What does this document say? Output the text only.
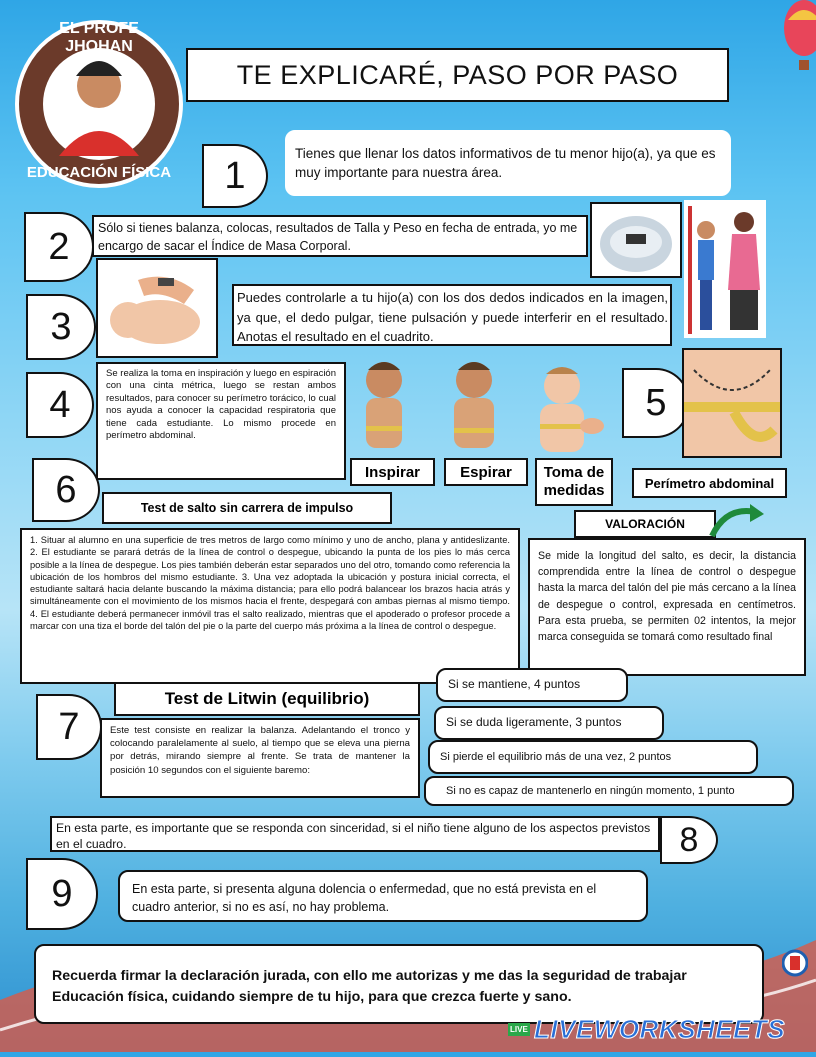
EL PROFE JHOHAN
EDUCACIÓN FÍSICA
TE EXPLICARÉ, PASO POR PASO
1
Tienes que llenar los datos informativos de tu menor hijo(a), ya que es muy importante para nuestra área.
2	Sólo si tienes balanza, colocas, resultados de Talla y Peso en fecha de entrada, yo me encargo de sacar el Índice de Masa Corporal.
3
Puedes controlarle a tu hijo(a) con los dos dedos indicados en la imagen, ya que, el dedo pulgar, tiene pulsación y puede interferir en el resultado. Anotas el resultado en el cuadrito.
4
Se realiza la toma en inspiración y luego en espiración con una cinta métrica, luego se restan ambos resultados, para conocer su perímetro torácico, lo cual nos ayuda a conocer la capacidad respiratoria que tiene cada estudiante. Lo mismo procede en perímetro abdominal.
Inspirar	Espirar	Toma de medidas
5
Perímetro abdominal
6	Test de salto sin carrera de impulso
1. Situar al alumno en una superficie de tres metros de largo como mínimo y uno de ancho, plana y antideslizante. 2. El estudiante se parará detrás de la línea de control o despegue, ubicando la punta de los pies lo más cerca posible a la línea de despegue. Los pies también deberán estar separados uno del otro, tomando como referencia la ubicación de los hombros del mismo estudiante. 3. Una vez adoptada la ubicación y postura inicial correcta, el estudiante saltará hacia delante buscando la máxima distancia; para ello podrá balancear los brazos hacia atrás y simultáneamente con el movimiento de los mismos hacia el frente, despegará con ambas piernas al mismo tiempo. 4. El estudiante deberá permanecer inmóvil tras el salto realizado, mientras que el apoderado o profesor procede a marcar con una tiza el borde del talón del pie o la parte del cuerpo más próxima a la línea de control o despegue.
VALORACIÓN
Se mide la longitud del salto, es decir, la distancia comprendida entre la línea de control o despegue hasta la marca del talón del pie más cercano a la línea de despegue o control, expresada en centímetros. Para esta prueba, se permiten 02 intentos, la mejor marca conseguida se tomará como resultado final
Test de Litwin (equilibrio)
7	Este test consiste en realizar la balanza. Adelantando el tronco y colocando paralelamente al suelo, al tiempo que se eleva una pierna por detrás, mirando siempre al frente. Se trata de mantener la posición 10 segundos con el siguiente baremo:
Si se mantiene, 4 puntos
Si se duda ligeramente, 3 puntos
Si pierde el equilibrio más de una vez, 2 puntos
Si no es capaz de mantenerlo en ningún momento, 1 punto
En esta parte, es importante que se responda con sinceridad, si el niño tiene alguno de los aspectos previstos en el cuadro.	8
9	En esta parte, si presenta alguna dolencia o enfermedad, que no está prevista en el cuadro anterior, si no es así, no hay problema.
Recuerda firmar la declaración jurada, con ello me autorizas y me das la seguridad de trabajar Educación física, cuidando siempre de tu hijo, para que crezca fuerte y sano.
LIVE LIVEWORKSHEETS
